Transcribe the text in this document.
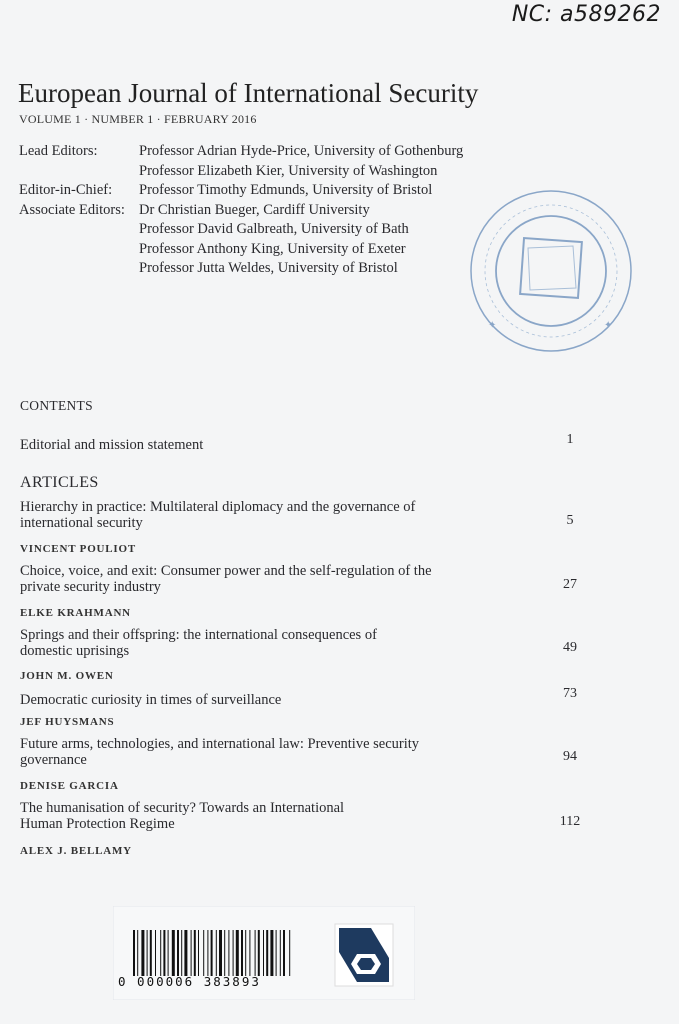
NC: a589262
European Journal of International Security
VOLUME 1 · NUMBER 1 · FEBRUARY 2016
Lead Editors:	Professor Adrian Hyde-Price, University of Gothenburg
Professor Elizabeth Kier, University of Washington
Editor-in-Chief:	Professor Timothy Edmunds, University of Bristol
Associate Editors: Dr Christian Bueger, Cardiff University
Professor David Galbreath, University of Bath
Professor Anthony King, University of Exeter
Professor Jutta Weldes, University of Bristol
✦	✦
CONTENTS
Editorial and mission statement	1
ARTICLES
Hierarchy in practice: Multilateral diplomacy and the governance of
international security	5
VINCENT POULIOT
Choice, voice, and exit: Consumer power and the self-regulation of the
private security industry	27
ELKE KRAHMANN
Springs and their offspring: the international consequences of
domestic uprisings	49
JOHN M. OWEN
Democratic curiosity in times of surveillance	73
JEF HUYSMANS
Future arms, technologies, and international law: Preventive security
governance	94
DENISE GARCIA
The humanisation of security? Towards an International
Human Protection Regime	112
ALEX J. BELLAMY
0 000006 383893
